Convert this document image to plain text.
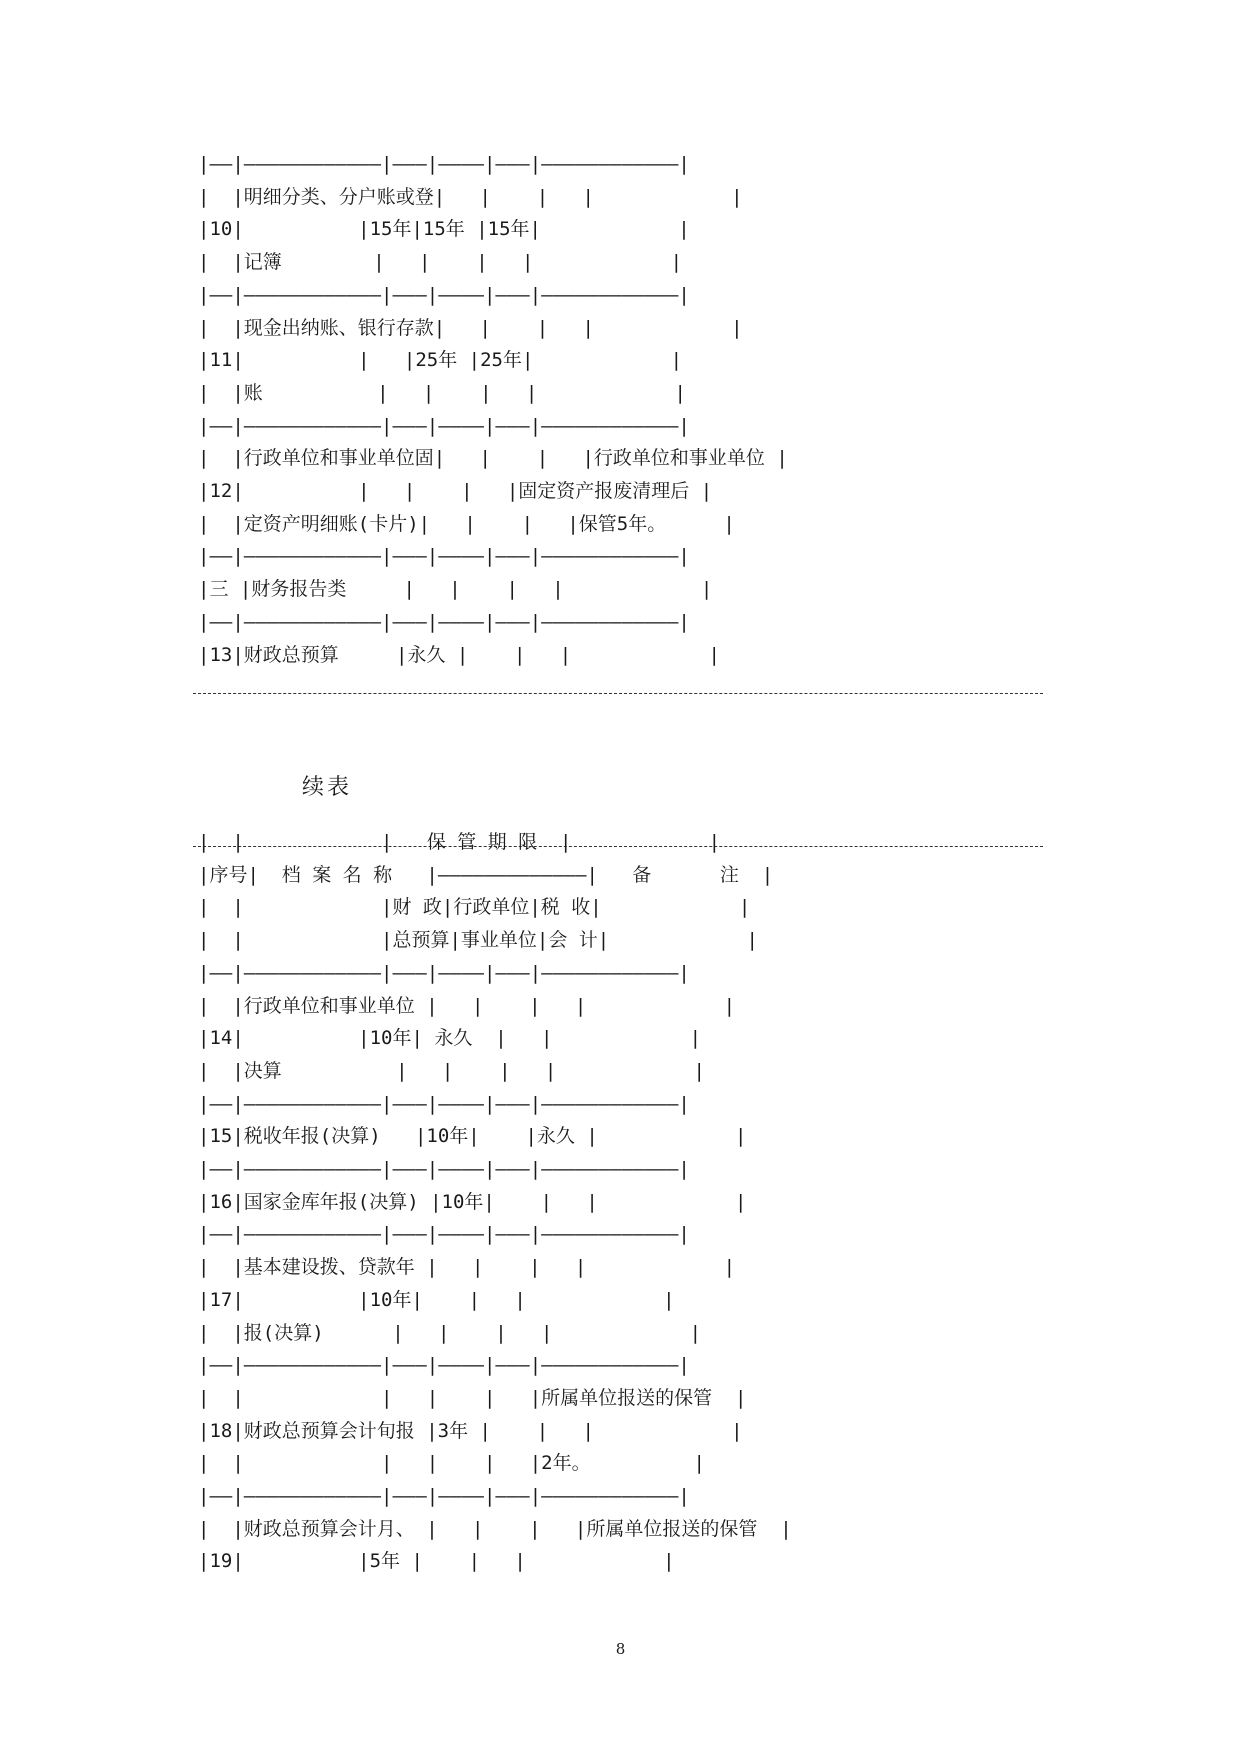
|——|————————————|———|————|———|————————————|
|  |明细分类、分户账或登|   |    |   |            |
|10|          |15年|15年 |15年|            |
|  |记簿        |   |    |   |            |
|——|————————————|———|————|———|————————————|
|  |现金出纳账、银行存款|   |    |   |            |
|11|          |   |25年 |25年|            |
|  |账          |   |    |   |            |
|——|————————————|———|————|———|————————————|
|  |行政单位和事业单位固|   |    |   |行政单位和事业单位 |
|12|          |   |    |   |固定资产报废清理后 |
|  |定资产明细账(卡片)|   |    |   |保管5年。     |
|——|————————————|———|————|———|————————————|
|三 |财务报告类     |   |    |   |            |
|——|————————————|———|————|———|————————————|
|13|财政总预算     |永久 |    |   |            |
续表
|  |            |   保 管 期 限  |            |
|序号|  档 案 名 称   |—————————————|   备      注  |
|  |            |财 政|行政单位|税 收|            |
|  |            |总预算|事业单位|会 计|            |
|——|————————————|———|————|———|————————————|
|  |行政单位和事业单位 |   |    |   |            |
|14|          |10年| 永久  |   |            |
|  |决算          |   |    |   |            |
|——|————————————|———|————|———|————————————|
|15|税收年报(决算)   |10年|    |永久 |            |
|——|————————————|———|————|———|————————————|
|16|国家金库年报(决算) |10年|    |   |            |
|——|————————————|———|————|———|————————————|
|  |基本建设拨、贷款年 |   |    |   |            |
|17|          |10年|    |   |            |
|  |报(决算)      |   |    |   |            |
|——|————————————|———|————|———|————————————|
|  |            |   |    |   |所属单位报送的保管  |
|18|财政总预算会计旬报 |3年 |    |   |            |
|  |            |   |    |   |2年。         |
|——|————————————|———|————|———|————————————|
|  |财政总预算会计月、 |   |    |   |所属单位报送的保管  |
|19|          |5年 |    |   |            |
8
